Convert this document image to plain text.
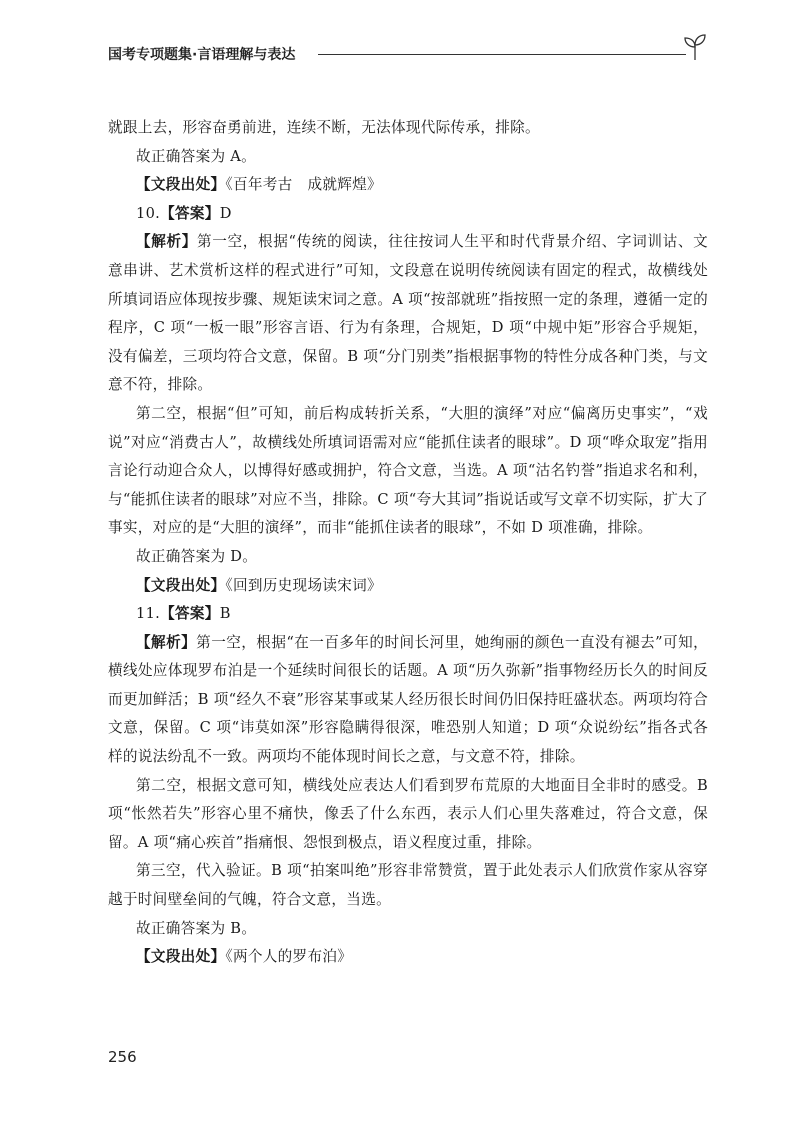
国考专项题集·言语理解与表达

就跟上去，形容奋勇前进，连续不断，无法体现代际传承，排除。

故正确答案为 A。

【文段出处】《百年考古　成就辉煌》

10.【答案】D

【解析】第一空，根据“传统的阅读，往往按词人生平和时代背景介绍、字词训诂、文意串讲、艺术赏析这样的程式进行”可知，文段意在说明传统阅读有固定的程式，故横线处所填词语应体现按步骤、规矩读宋词之意。A 项“按部就班”指按照一定的条理，遵循一定的程序，C 项“一板一眼”形容言语、行为有条理，合规矩，D 项“中规中矩”形容合乎规矩，没有偏差，三项均符合文意，保留。B 项“分门别类”指根据事物的特性分成各种门类，与文意不符，排除。

第二空，根据“但”可知，前后构成转折关系，“大胆的演绎”对应“偏离历史事实”，“戏说”对应“消费古人”，故横线处所填词语需对应“能抓住读者的眼球”。D 项“哗众取宠”指用言论行动迎合众人，以博得好感或拥护，符合文意，当选。A 项“沽名钓誉”指追求名和利，与“能抓住读者的眼球”对应不当，排除。C 项“夸大其词”指说话或写文章不切实际，扩大了事实，对应的是“大胆的演绎”，而非“能抓住读者的眼球”，不如 D 项准确，排除。

故正确答案为 D。

【文段出处】《回到历史现场读宋词》

11.【答案】B

【解析】第一空，根据“在一百多年的时间长河里，她绚丽的颜色一直没有褪去”可知，横线处应体现罗布泊是一个延续时间很长的话题。A 项“历久弥新”指事物经历长久的时间反而更加鲜活；B 项“经久不衰”形容某事或某人经历很长时间仍旧保持旺盛状态。两项均符合文意，保留。C 项“讳莫如深”形容隐瞒得很深，唯恐别人知道；D 项“众说纷纭”指各式各样的说法纷乱不一致。两项均不能体现时间长之意，与文意不符，排除。

第二空，根据文意可知，横线处应表达人们看到罗布荒原的大地面目全非时的感受。B 项“怅然若失”形容心里不痛快，像丢了什么东西，表示人们心里失落难过，符合文意，保留。A 项“痛心疾首”指痛恨、怨恨到极点，语义程度过重，排除。

第三空，代入验证。B 项“拍案叫绝”形容非常赞赏，置于此处表示人们欣赏作家从容穿越于时间壁垒间的气魄，符合文意，当选。

故正确答案为 B。

【文段出处】《两个人的罗布泊》

256
